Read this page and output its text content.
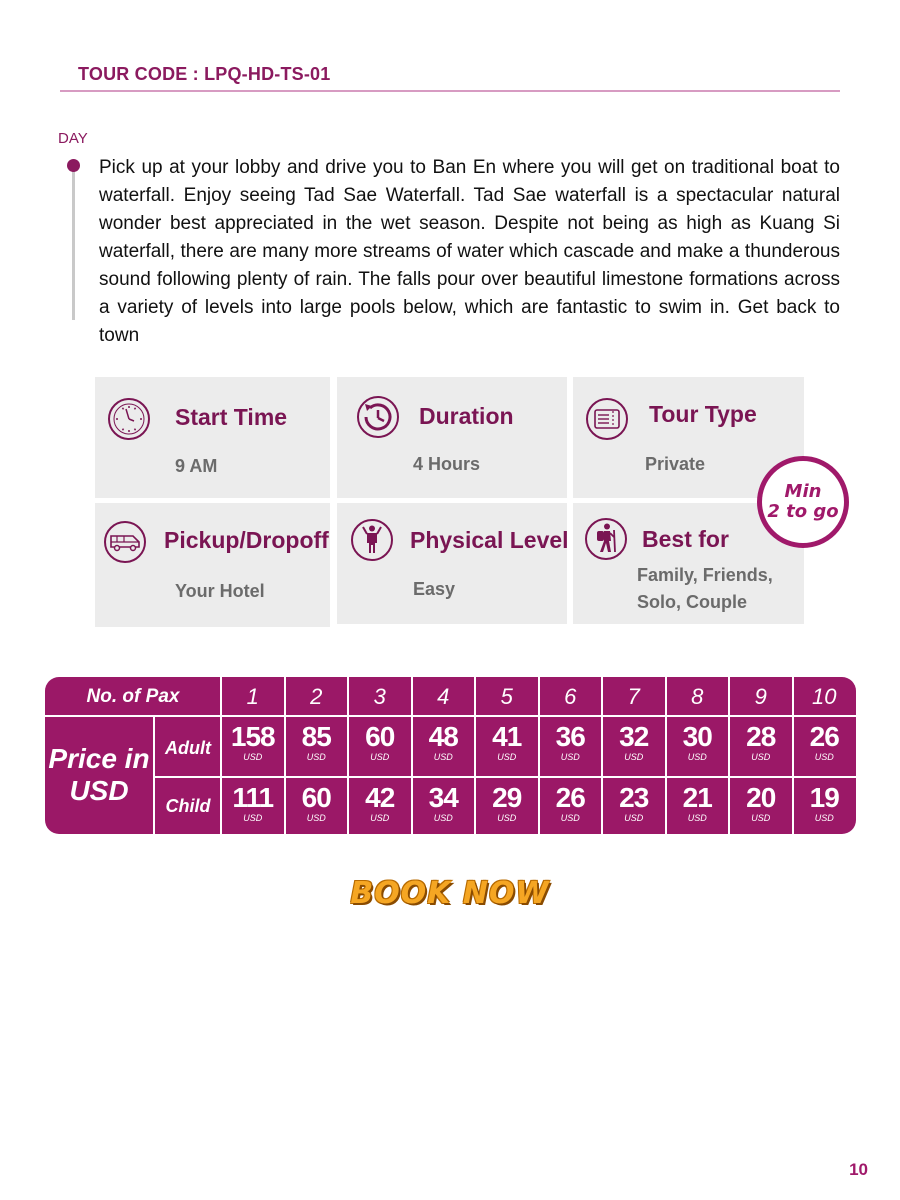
TOUR CODE : LPQ-HD-TS-01
DAY
Pick up at your lobby and drive you to Ban En where you will get on traditional boat to waterfall. Enjoy seeing Tad Sae Waterfall. Tad Sae waterfall is a spectacular natural wonder best appreciated in the wet season. Despite not being as high as Kuang Si waterfall, there are many more streams of water which cascade and make a thunderous sound following plenty of rain. The falls pour over beautiful limestone formations across a variety of levels into large pools below, which are fantastic to swim in. Get back to town
Start Time
9 AM
Duration
4 Hours
Tour Type
Private
Pickup/Dropoff
Your Hotel
Physical Level
Easy
Best for
Family, Friends,
Solo, Couple
Min
2 to go
No. of Pax
Price in
USD
Adult
Child
1
158
USD
111
USD
2
85
USD
60
USD
3
60
USD
42
USD
4
48
USD
34
USD
5
41
USD
29
USD
6
36
USD
26
USD
7
32
USD
23
USD
8
30
USD
21
USD
9
28
USD
20
USD
10
26
USD
19
USD
BOOK NOW
10
